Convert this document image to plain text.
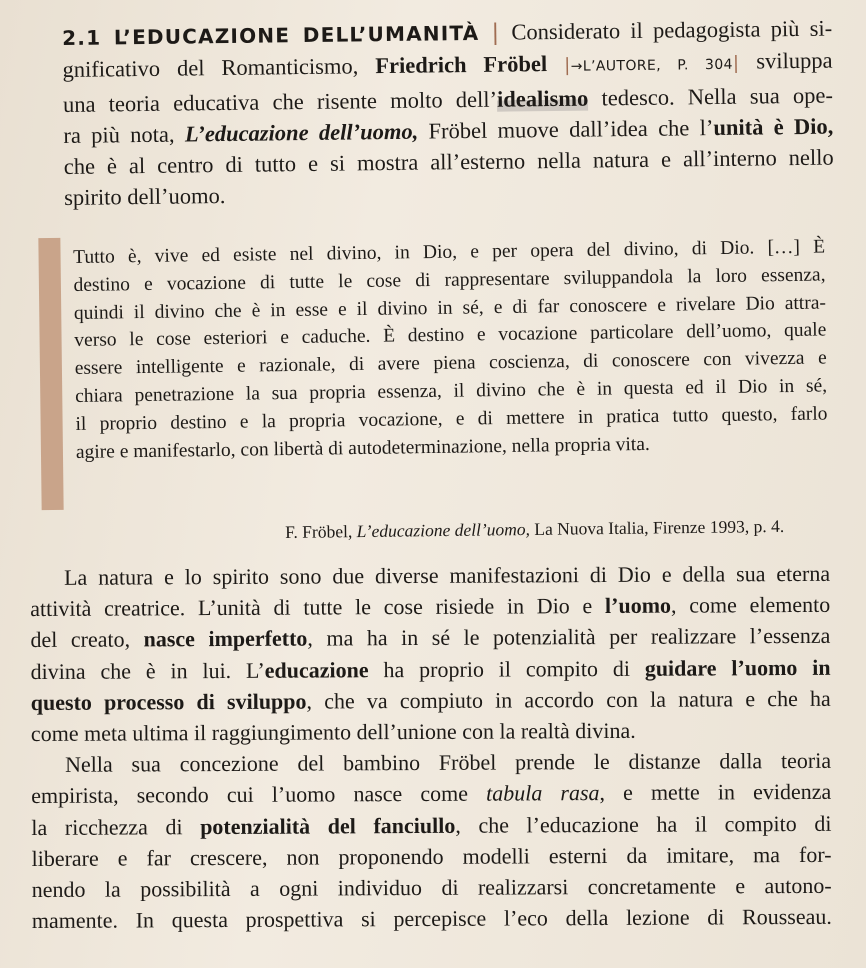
2.1 L’EDUCAZIONE DELL’UMANITÀ | Considerato il pedagogista più si-
gnificativo del Romanticismo, Friedrich Fröbel |→L’AUTORE, P. 304| sviluppa
una teoria educativa che risente molto dell’idealismo tedesco. Nella sua ope-
ra più nota, L’educazione dell’uomo, Fröbel muove dall’idea che l’unità è Dio,
che è al centro di tutto e si mostra all’esterno nella natura e all’interno nello
spirito dell’uomo.
Tutto è, vive ed esiste nel divino, in Dio, e per opera del divino, di Dio. […] È
destino e vocazione di tutte le cose di rappresentare sviluppandola la loro essenza,
quindi il divino che è in esse e il divino in sé, e di far conoscere e rivelare Dio attra-
verso le cose esteriori e caduche. È destino e vocazione particolare dell’uomo, quale
essere intelligente e razionale, di avere piena coscienza, di conoscere con vivezza e
chiara penetrazione la sua propria essenza, il divino che è in questa ed il Dio in sé,
il proprio destino e la propria vocazione, e di mettere in pratica tutto questo, farlo
agire e manifestarlo, con libertà di autodeterminazione, nella propria vita.
F. Fröbel, L’educazione dell’uomo, La Nuova Italia, Firenze 1993, p. 4.

La natura e lo spirito sono due diverse manifestazioni di Dio e della sua eterna
attività creatrice. L’unità di tutte le cose risiede in Dio e l’uomo, come elemento
del creato, nasce imperfetto, ma ha in sé le potenzialità per realizzare l’essenza
divina che è in lui. L’educazione ha proprio il compito di guidare l’uomo in
questo processo di sviluppo, che va compiuto in accordo con la natura e che ha
come meta ultima il raggiungimento dell’unione con la realtà divina.

Nella sua concezione del bambino Fröbel prende le distanze dalla teoria
empirista, secondo cui l’uomo nasce come tabula rasa, e mette in evidenza
la ricchezza di potenzialità del fanciullo, che l’educazione ha il compito di
liberare e far crescere, non proponendo modelli esterni da imitare, ma for-
nendo la possibilità a ogni individuo di realizzarsi concretamente e autono-
mamente. In questa prospettiva si percepisce l’eco della lezione di Rousseau.
